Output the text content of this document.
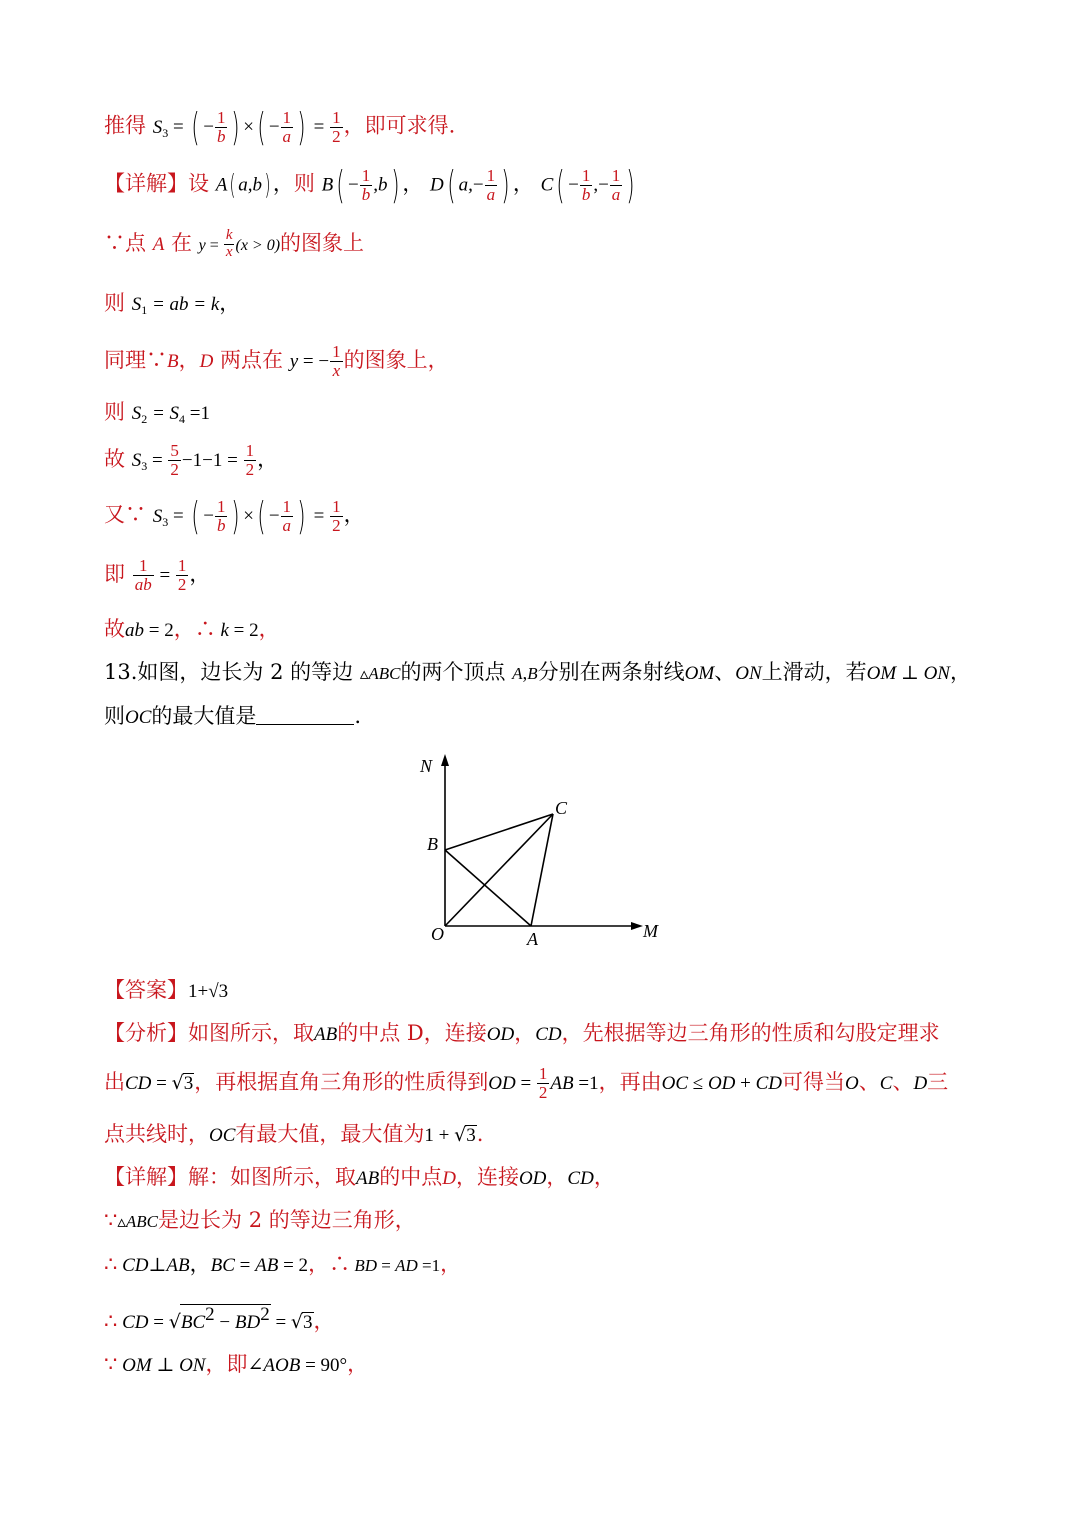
推得 $S_3$ = ( − $\frac{1}{b}$ ) ×( − $\frac{1}{a}$ ) = $\frac{1}{2}$ ，即可求得.
【详解】设 A( a,b) ，则 $B( - \frac{1}{b} ,b)$ ， D( $a,- \frac{1}{a}$ ) ， $C( - \frac{1}{b}$ ,− $\frac{1}{a}$ )
∵点 A 在 $y = \frac{k}{x} (x > 0)$的图象上
则 $S_1$ = ab = k，
同理∵B，D 两点在 y = − $\frac{1}{x}$ 的图象上，
则 $S_2 = S_4 =1$
故 $S_3 = \frac{5}{2} -1-1 = \frac{1}{2}$ ，
又∵ $S_3$ = ( − $\frac{1}{b}$ ) ×( − $\frac{1}{a}$ ) = $\frac{1}{2}$ ，
即 $\frac{1}{ab} = \frac{1}{2}$ ，
故ab = 2，∴ k = 2，
13.如图，边长为 2 的等边 ▵ABC的两个顶点 A,B分别在两条射线OM、ON上滑动，若OM ⊥ ON，
则OC的最大值是	.
N
C
B
O	A	M
【答案】1+√3
【分析】如图所示，取AB的中点 D，连接OD，CD，先根据等边三角形的性质和勾股定理求
出CD = √3，再根据直角三角形的性质得到OD = $\frac{1}{2}$ AB =1，再由OC ≤ OD + CD可得当O、C、D三
点共线时，OC有最大值，最大值为1 + √3.
【详解】解：如图所示，取AB的中点D，连接OD，CD，
∵▵ABC是边长为 2 的等边三角形，
∴ CD⊥AB，BC = AB = 2，∴ BD = AD =1，
∴ CD = $√BC^2 - BD^2 = √3$，
∵ OM ⊥ ON，即∠AOB = 90°，
